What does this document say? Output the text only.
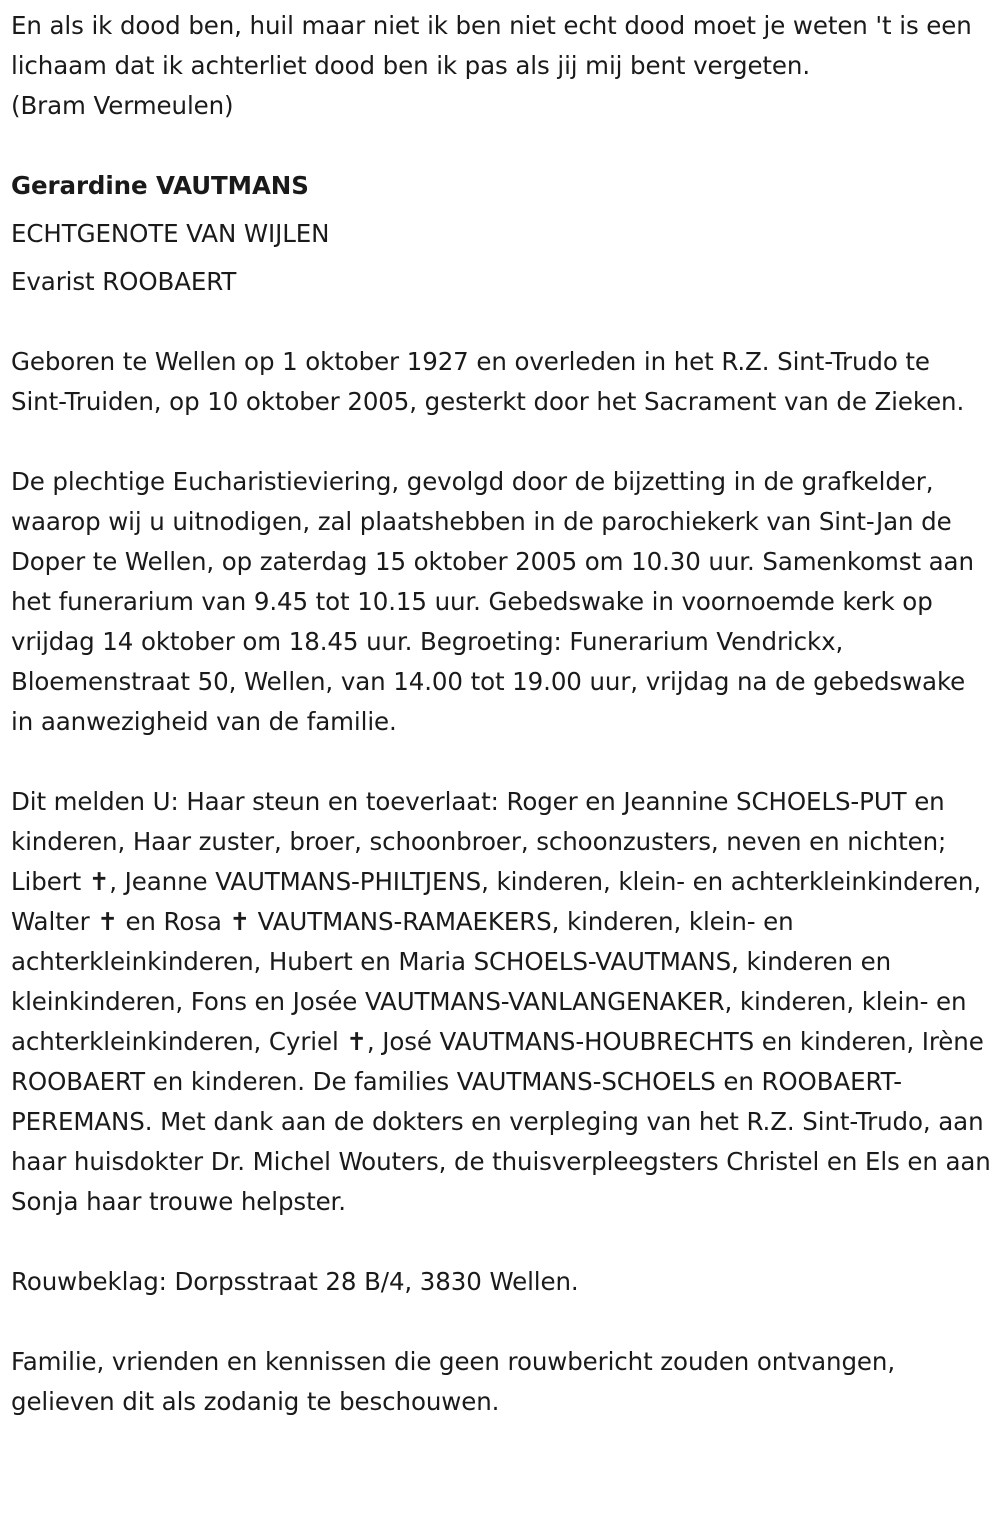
En als ik dood ben, huil maar niet ik ben niet echt dood moet je weten 't is een lichaam dat ik achterliet dood ben ik pas als jij mij bent vergeten.
(Bram Vermeulen)

Gerardine VAUTMANS

ECHTGENOTE VAN WIJLEN

Evarist ROOBAERT

Geboren te Wellen op 1 oktober 1927 en overleden in het R.Z. Sint-Trudo te Sint-Truiden, op 10 oktober 2005, gesterkt door het Sacrament van de Zieken.

De plechtige Eucharistieviering, gevolgd door de bijzetting in de grafkelder, waarop wij u uitnodigen, zal plaatshebben in de parochiekerk van Sint-Jan de Doper te Wellen, op zaterdag 15 oktober 2005 om 10.30 uur. Samenkomst aan het funerarium van 9.45 tot 10.15 uur. Gebedswake in voornoemde kerk op vrijdag 14 oktober om 18.45 uur. Begroeting: Funerarium Vendrickx, Bloemenstraat 50, Wellen, van 14.00 tot 19.00 uur, vrijdag na de gebedswake in aanwezigheid van de familie.

Dit melden U: Haar steun en toeverlaat: Roger en Jeannine SCHOELS-PUT en kinderen, Haar zuster, broer, schoonbroer, schoonzusters, neven en nichten; Libert ✝, Jeanne VAUTMANS-PHILTJENS, kinderen, klein- en achterkleinkinderen, Walter ✝ en Rosa ✝ VAUTMANS-RAMAEKERS, kinderen, klein- en achterkleinkinderen, Hubert en Maria SCHOELS-VAUTMANS, kinderen en kleinkinderen, Fons en Josée VAUTMANS-VANLANGENAKER, kinderen, klein- en achterkleinkinderen, Cyriel ✝, José VAUTMANS-HOUBRECHTS en kinderen, Irène ROOBAERT en kinderen. De families VAUTMANS-SCHOELS en ROOBAERT-PEREMANS. Met dank aan de dokters en verpleging van het R.Z. Sint-Trudo, aan haar huisdokter Dr. Michel Wouters, de thuisverpleegsters Christel en Els en aan Sonja haar trouwe helpster.

Rouwbeklag: Dorpsstraat 28 B/4, 3830 Wellen.

Familie, vrienden en kennissen die geen rouwbericht zouden ontvangen, gelieven dit als zodanig te beschouwen.
